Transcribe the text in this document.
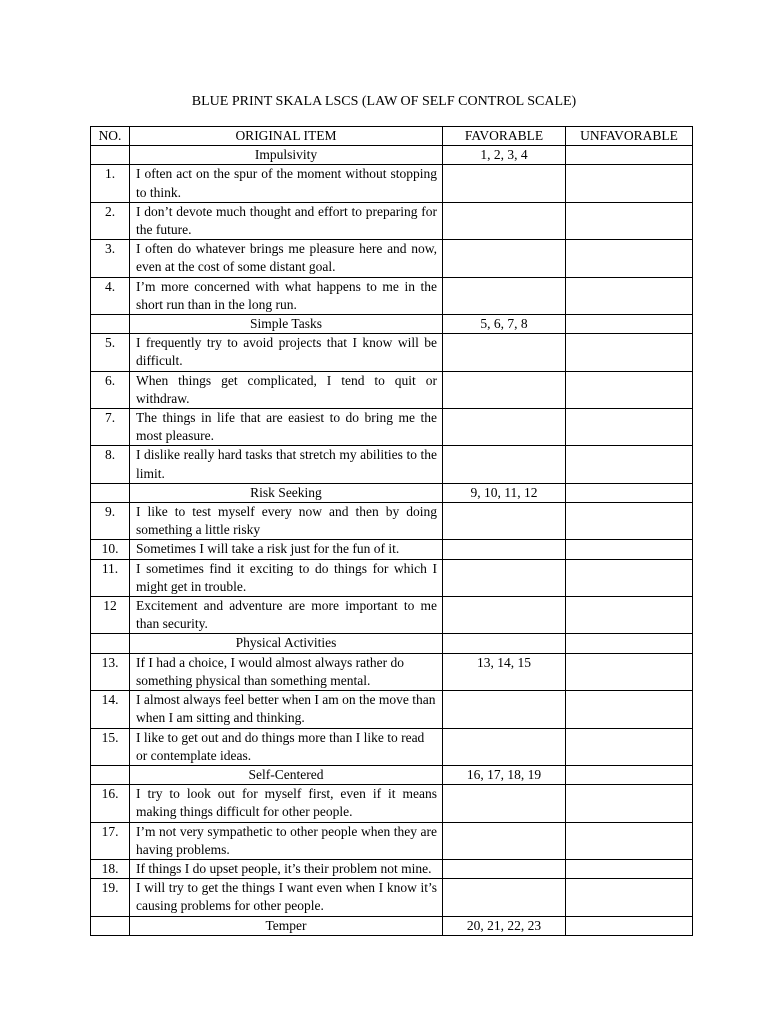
BLUE PRINT SKALA LSCS (LAW OF SELF CONTROL SCALE)
NO.	ORIGINAL ITEM	FAVORABLE	UNFAVORABLE
	Impulsivity	1, 2, 3, 4	
1.	I often act on the spur of the moment without stopping to think.		
2.	I don’t devote much thought and effort to preparing for the future.		
3.	I often do whatever brings me pleasure here and now, even at the cost of some distant goal.		
4.	I’m more concerned with what happens to me in the short run than in the long run.		
	Simple Tasks	5, 6, 7, 8	
5.	I frequently try to avoid projects that I know will be difficult.		
6.	When things get complicated, I tend to quit or withdraw.		
7.	The things in life that are easiest to do bring me the most pleasure.		
8.	I dislike really hard tasks that stretch my abilities to the limit.		
	Risk Seeking	9, 10, 11, 12	
9.	I like to test myself every now and then by doing something a little risky		
10.	Sometimes I will take a risk just for the fun of it.		
11.	I sometimes find it exciting to do things for which I might get in trouble.		
12	Excitement and adventure are more important to me than security.		
	Physical Activities		
13.	If I had a choice, I would almost always rather do something physical than something mental.	13, 14, 15	
14.	I almost always feel better when I am on the move than when I am sitting and thinking.		
15.	I like to get out and do things more than I like to read or contemplate ideas.		
	Self-Centered	16, 17, 18, 19	
16.	I try to look out for myself first, even if it means making things difficult for other people.		
17.	I’m not very sympathetic to other people when they are having problems.		
18.	If things I do upset people, it’s their problem not mine.		
19.	I will try to get the things I want even when I know it’s causing problems for other people.		
	Temper	20, 21, 22, 23	
